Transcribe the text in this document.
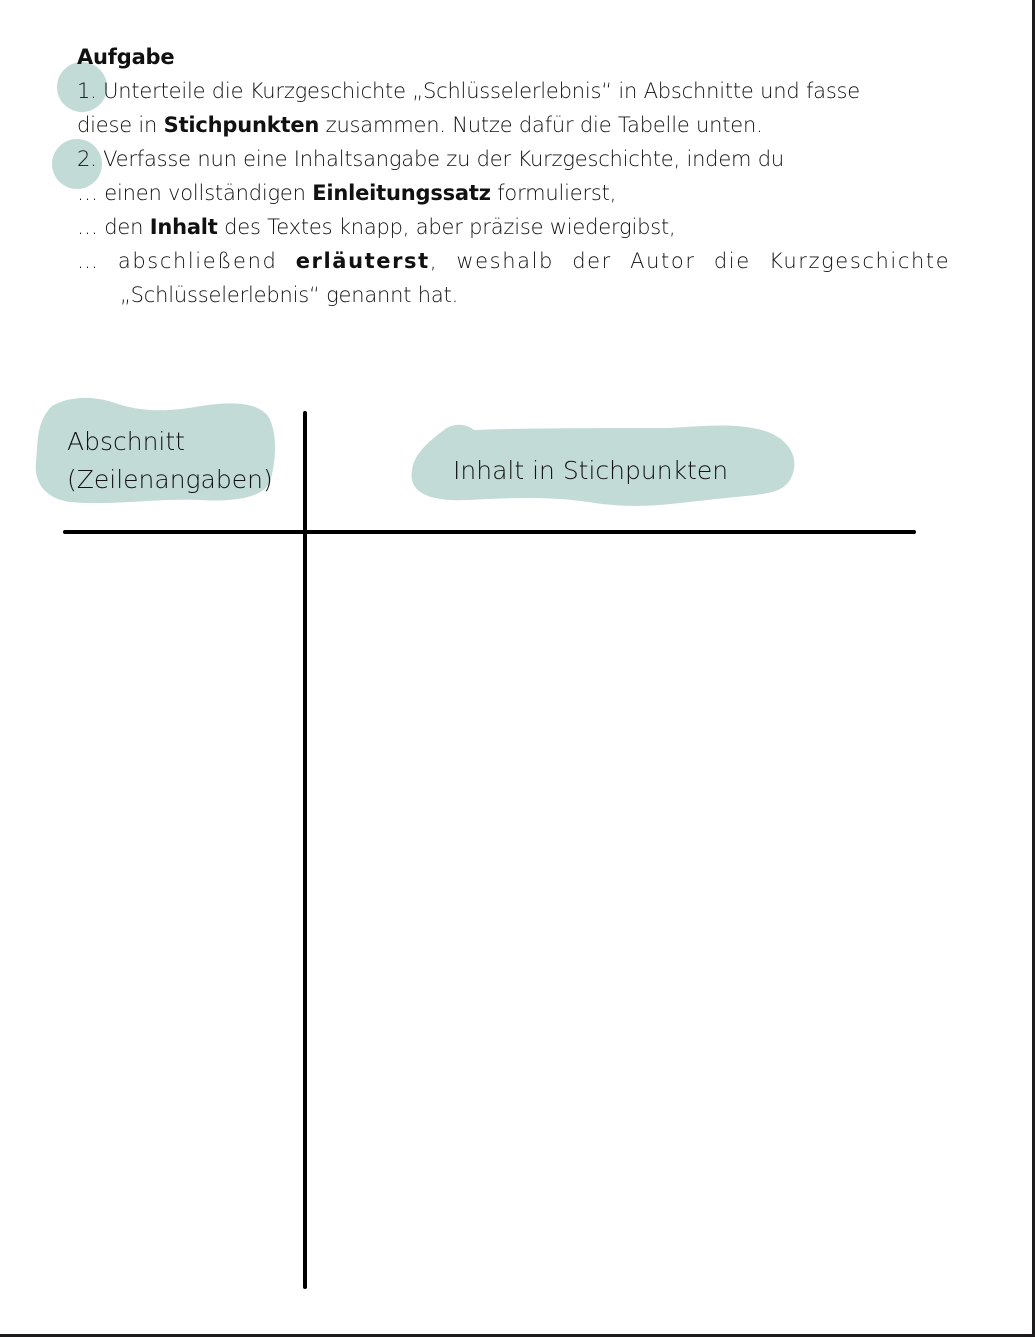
Aufgabe
1. Unterteile die Kurzgeschichte „Schlüsselerlebnis“ in Abschnitte und fasse
diese in Stichpunkten zusammen. Nutze dafür die Tabelle unten.
2. Verfasse nun eine Inhaltsangabe zu der Kurzgeschichte, indem du
… einen vollständigen Einleitungssatz formulierst,
… den Inhalt des Textes knapp, aber präzise wiedergibst,
… abschließend erläuterst, weshalb der Autor die Kurzgeschichte
„Schlüsselerlebnis“ genannt hat.
Abschnitt
(Zeilenangaben)	Inhalt in Stichpunkten
